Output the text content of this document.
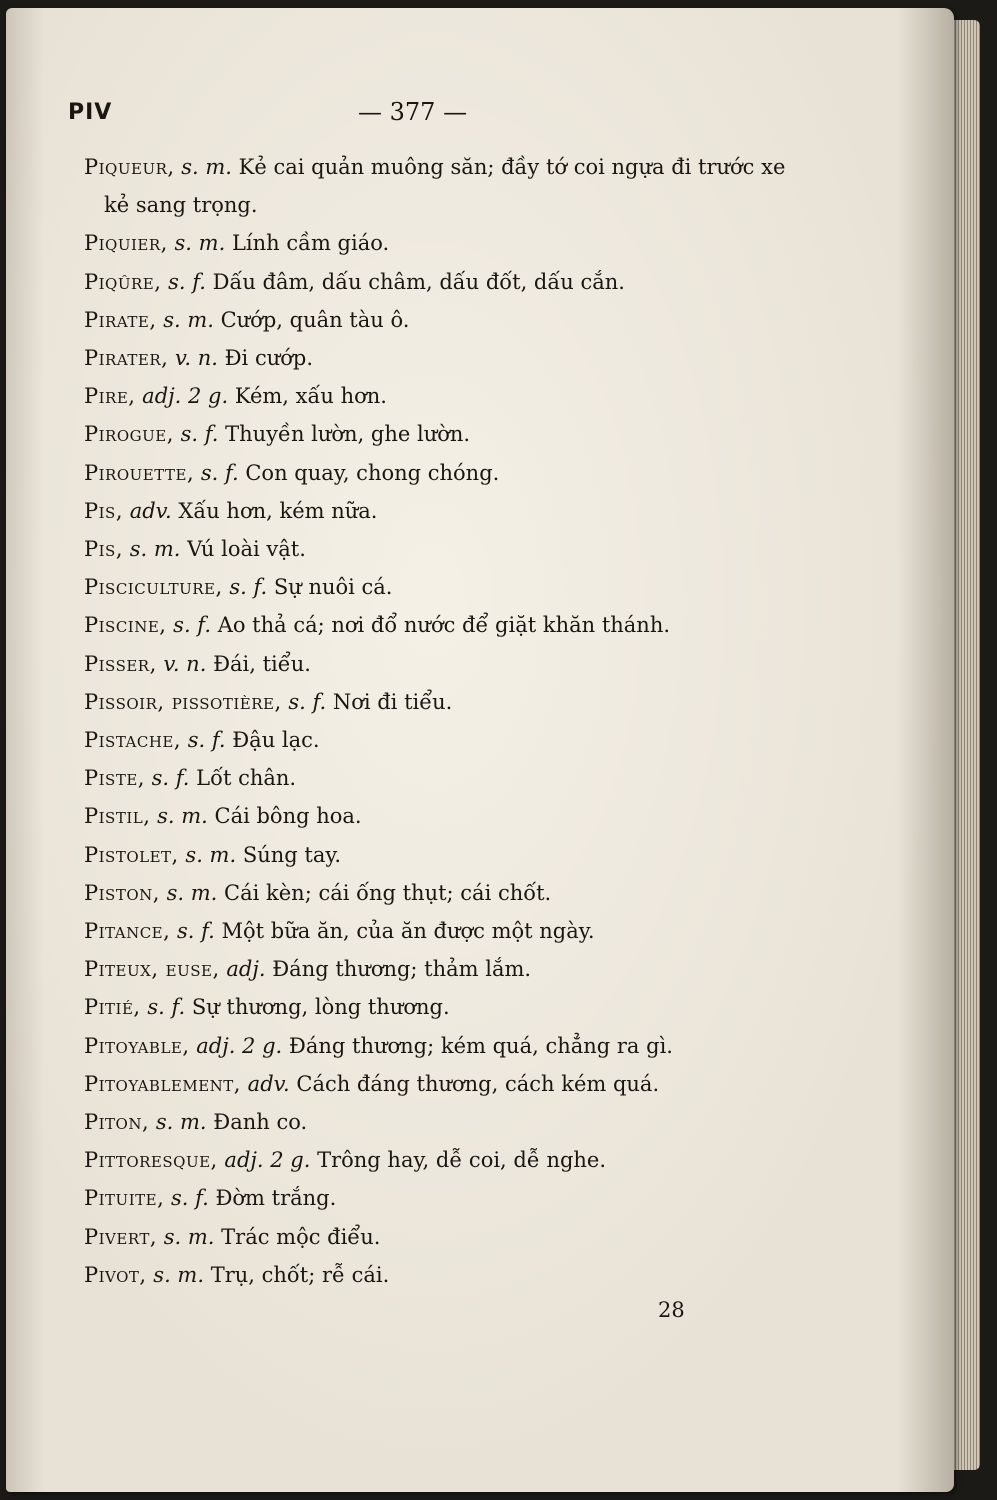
PIV	— 377 —
Piqueur, s. m. Kẻ cai quản muông săn; đầy tớ coi ngựa đi trước xe kẻ sang trọng.
Piquier, s. m. Lính cầm giáo.
Piqûre, s. f. Dấu đâm, dấu châm, dấu đốt, dấu cắn.
Pirate, s. m. Cướp, quân tàu ô.
Pirater, v. n. Đi cướp.
Pire, adj. 2 g. Kém, xấu hơn.
Pirogue, s. f. Thuyền lườn, ghe lườn.
Pirouette, s. f. Con quay, chong chóng.
Pis, adv. Xấu hơn, kém nữa.
Pis, s. m. Vú loài vật.
Pisciculture, s. f. Sự nuôi cá.
Piscine, s. f. Ao thả cá; nơi đổ nước để giặt khăn thánh.
Pisser, v. n. Đái, tiểu.
Pissoir, pissotière, s. f. Nơi đi tiểu.
Pistache, s. f. Đậu lạc.
Piste, s. f. Lốt chân.
Pistil, s. m. Cái bông hoa.
Pistolet, s. m. Súng tay.
Piston, s. m. Cái kèn; cái ống thụt; cái chốt.
Pitance, s. f. Một bữa ăn, của ăn được một ngày.
Piteux, euse, adj. Đáng thương; thảm lắm.
Pitié, s. f. Sự thương, lòng thương.
Pitoyable, adj. 2 g. Đáng thương; kém quá, chẳng ra gì.
Pitoyablement, adv. Cách đáng thương, cách kém quá.
Piton, s. m. Đanh co.
Pittoresque, adj. 2 g. Trông hay, dễ coi, dễ nghe.
Pituite, s. f. Đờm trắng.
Pivert, s. m. Trác mộc điểu.
Pivot, s. m. Trụ, chốt; rễ cái.
28
